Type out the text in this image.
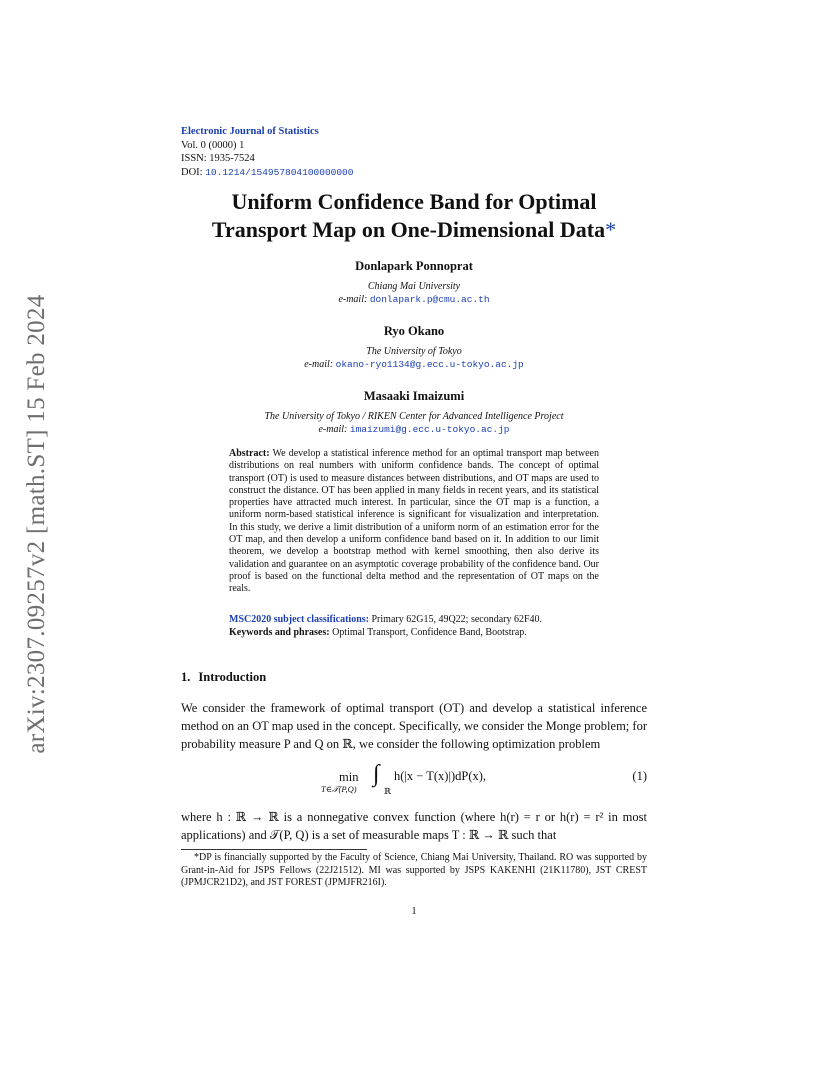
arXiv:2307.09257v2 [math.ST] 15 Feb 2024
Electronic Journal of Statistics
Vol. 0 (0000) 1
ISSN: 1935-7524
DOI: 10.1214/154957804100000000
Uniform Confidence Band for Optimal
Transport Map on One-Dimensional Data*
Donlapark Ponnoprat
Chiang Mai University
e-mail: donlapark.p@cmu.ac.th
Ryo Okano
The University of Tokyo
e-mail: okano-ryo1134@g.ecc.u-tokyo.ac.jp
Masaaki Imaizumi
The University of Tokyo / RIKEN Center for Advanced Intelligence Project
e-mail: imaizumi@g.ecc.u-tokyo.ac.jp
Abstract: We develop a statistical inference method for an optimal transport map between distributions on real numbers with uniform confidence bands. The concept of optimal transport (OT) is used to measure distances between distributions, and OT maps are used to construct the distance. OT has been applied in many fields in recent years, and its statistical properties have attracted much interest. In particular, since the OT map is a function, a uniform norm-based statistical inference is significant for visualization and interpretation. In this study, we derive a limit distribution of a uniform norm of an estimation error for the OT map, and then develop a uniform confidence band based on it. In addition to our limit theorem, we develop a bootstrap method with kernel smoothing, then also derive its validation and guarantee on an asymptotic coverage probability of the confidence band. Our proof is based on the functional delta method and the representation of OT maps on the reals.
MSC2020 subject classifications: Primary 62G15, 49Q22; secondary 62F40.
Keywords and phrases: Optimal Transport, Confidence Band, Bootstrap.
1. Introduction
We consider the framework of optimal transport (OT) and develop a statistical inference method on an OT map used in the concept. Specifically, we consider the Monge problem; for probability measure P and Q on ℝ, we consider the following optimization problem
min
T∈𝒯(P,Q)
∫
ℝ
h(|x − T(x)|)dP(x),	(1)
where h : ℝ → ℝ is a nonnegative convex function (where h(r) = r or h(r) = r² in most applications) and 𝒯(P, Q) is a set of measurable maps T : ℝ → ℝ such that
*DP is financially supported by the Faculty of Science, Chiang Mai University, Thailand. RO was supported by Grant-in-Aid for JSPS Fellows (22J21512). MI was supported by JSPS KAKENHI (21K11780), JST CREST (JPMJCR21D2), and JST FOREST (JPMJFR216I).
1
